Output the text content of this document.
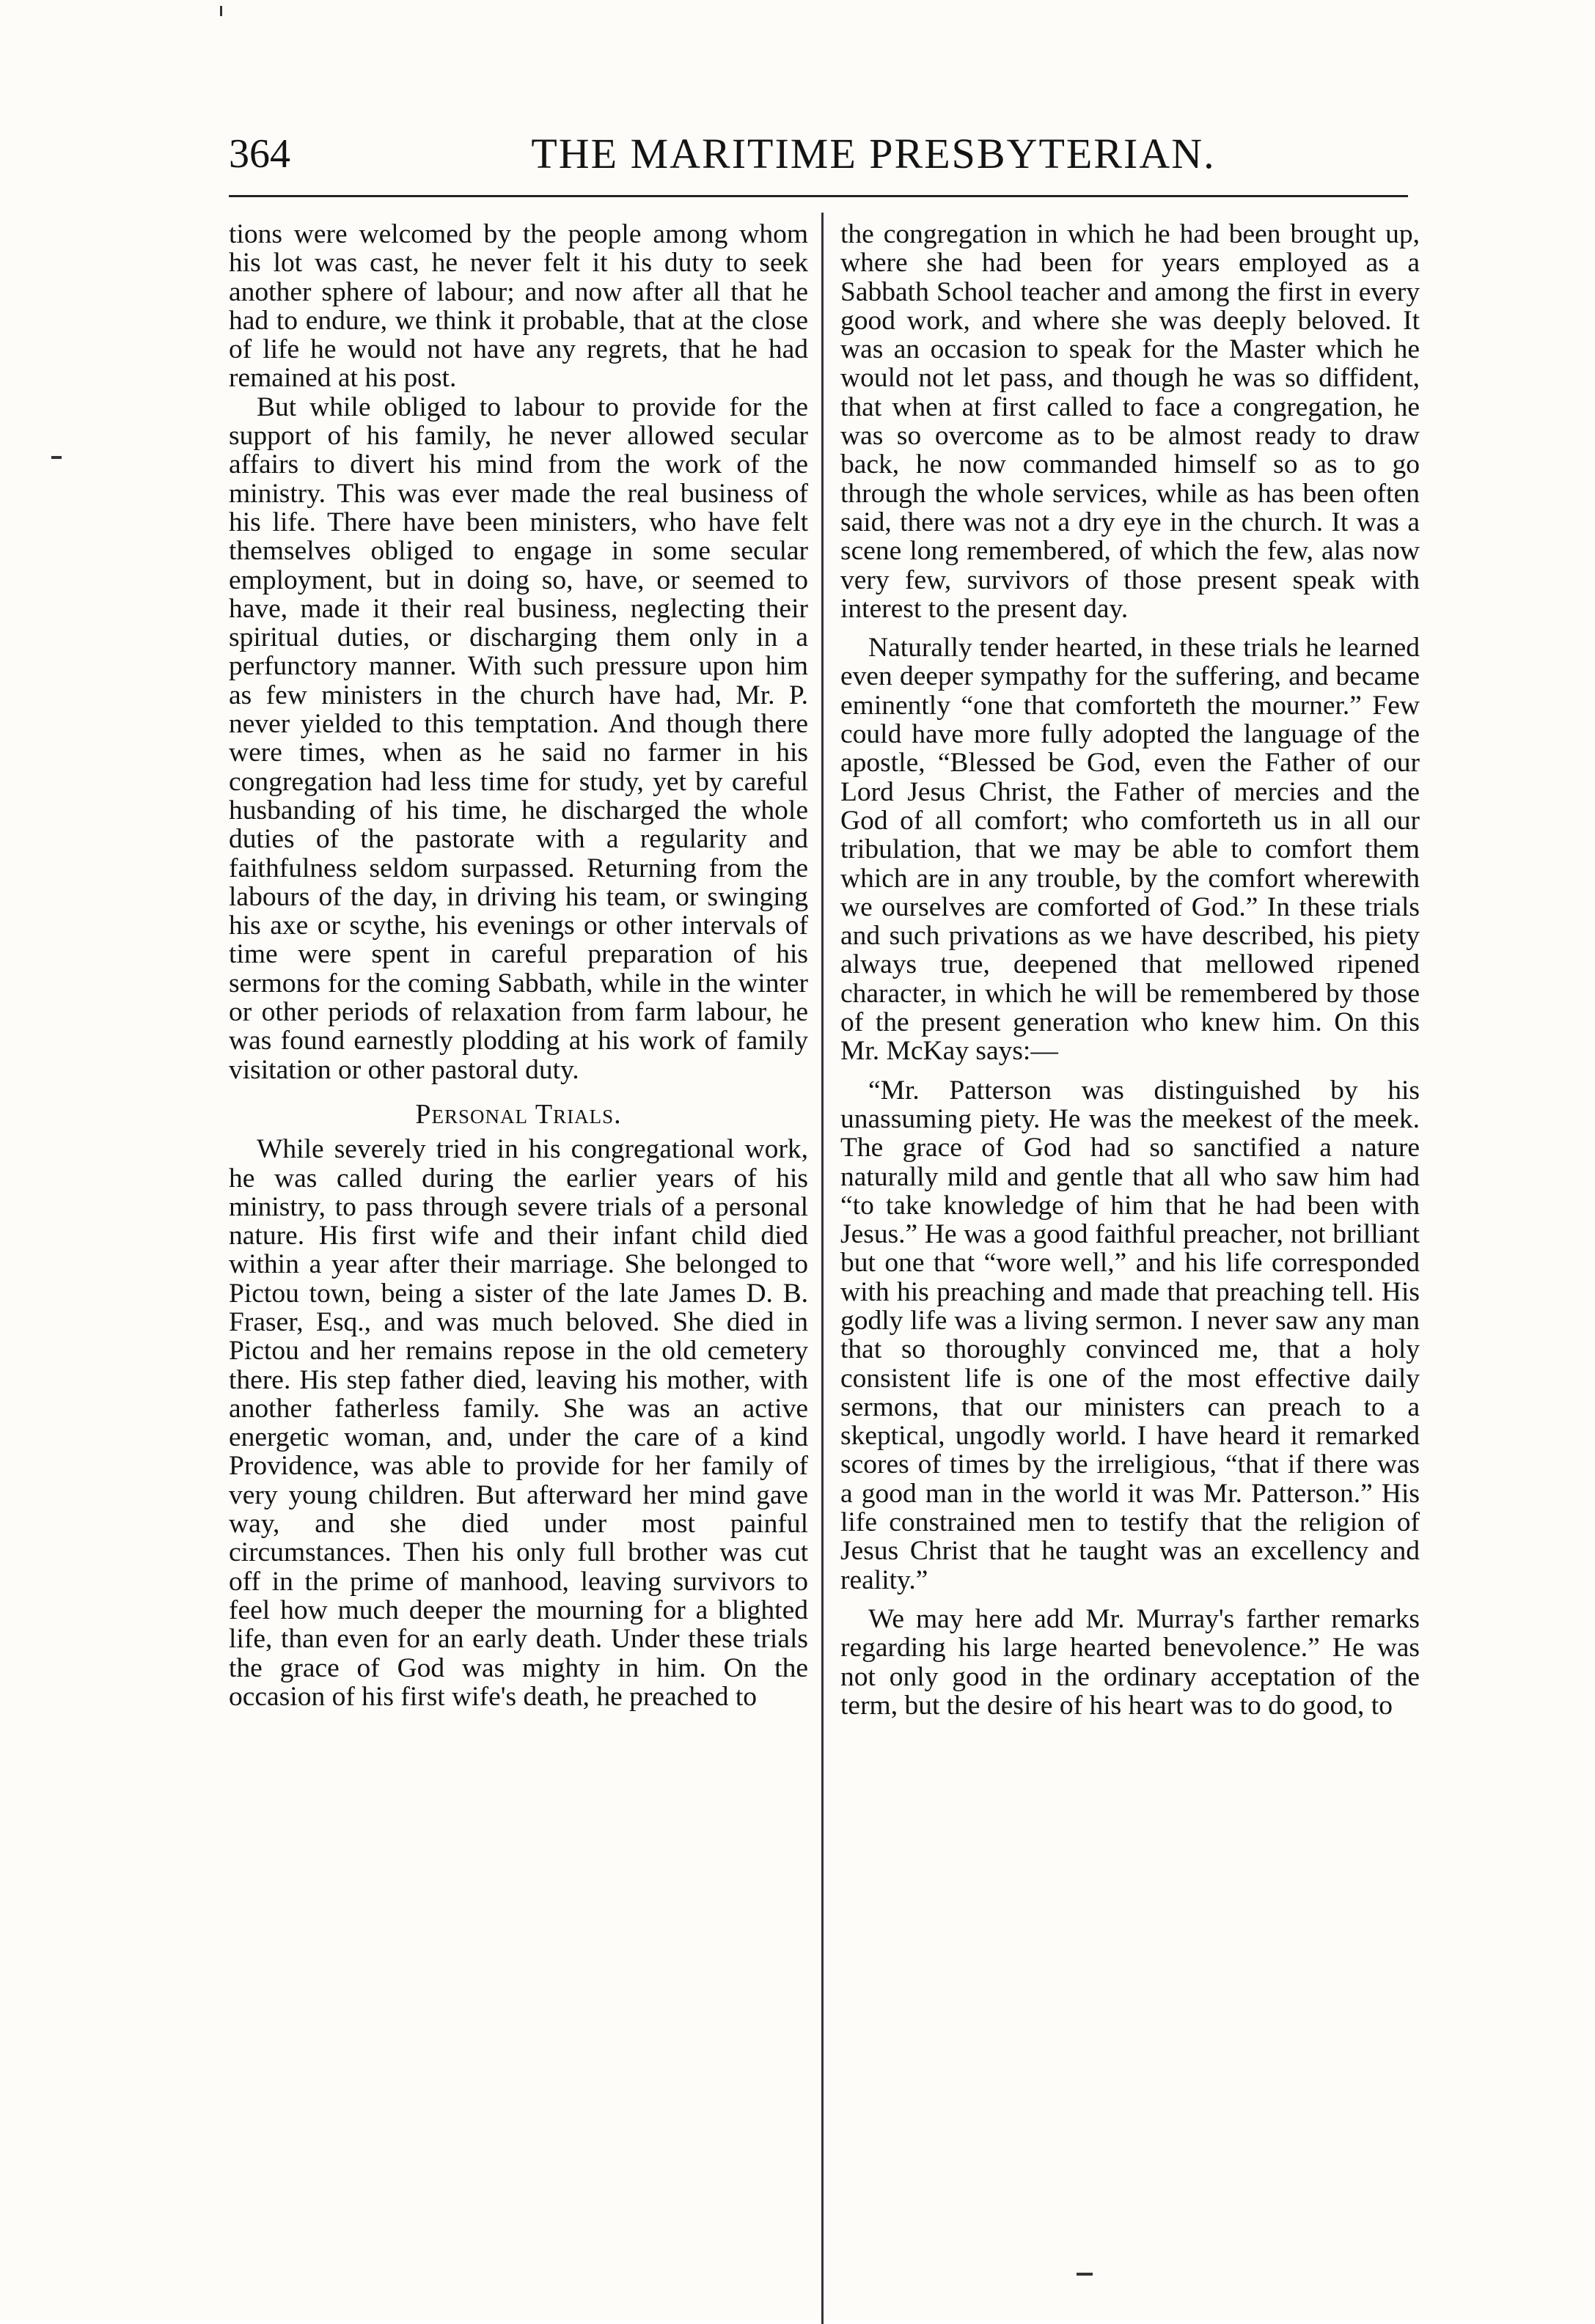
364	THE MARITIME PRESBYTERIAN.

tions were welcomed by the people among whom his lot was cast, he never felt it his duty to seek another sphere of labour; and now after all that he had to endure, we think it probable, that at the close of life he would not have any regrets, that he had remained at his post.

But while obliged to labour to provide for the support of his family, he never allowed secular affairs to divert his mind from the work of the ministry. This was ever made the real business of his life. There have been ministers, who have felt themselves obliged to engage in some secular employment, but in doing so, have, or seemed to have, made it their real business, neglecting their spiritual duties, or discharging them only in a perfunctory manner. With such pressure upon him as few ministers in the church have had, Mr. P. never yielded to this temptation. And though there were times, when as he said no farmer in his congregation had less time for study, yet by careful husbanding of his time, he discharged the whole duties of the pastorate with a regularity and faithfulness seldom surpassed. Returning from the labours of the day, in driving his team, or swinging his axe or scythe, his evenings or other intervals of time were spent in careful preparation of his sermons for the coming Sabbath, while in the winter or other periods of relaxation from farm labour, he was found earnestly plodding at his work of family visitation or other pastoral duty.

Personal Trials.

While severely tried in his congregational work, he was called during the earlier years of his ministry, to pass through severe trials of a personal nature. His first wife and their infant child died within a year after their marriage. She belonged to Pictou town, being a sister of the late James D. B. Fraser, Esq., and was much beloved. She died in Pictou and her remains repose in the old cemetery there. His step father died, leaving his mother, with another fatherless family. She was an active energetic woman, and, under the care of a kind Providence, was able to provide for her family of very young children. But afterward her mind gave way, and she died under most painful circumstances. Then his only full brother was cut off in the prime of manhood, leaving survivors to feel how much deeper the mourning for a blighted life, than even for an early death. Under these trials the grace of God was mighty in him. On the occasion of his first wife's death, he preached to

the congregation in which he had been brought up, where she had been for years employed as a Sabbath School teacher and among the first in every good work, and where she was deeply beloved. It was an occasion to speak for the Master which he would not let pass, and though he was so diffident, that when at first called to face a congregation, he was so overcome as to be almost ready to draw back, he now commanded himself so as to go through the whole services, while as has been often said, there was not a dry eye in the church. It was a scene long remembered, of which the few, alas now very few, survivors of those present speak with interest to the present day.

Naturally tender hearted, in these trials he learned even deeper sympathy for the suffering, and became eminently “one that comforteth the mourner.” Few could have more fully adopted the language of the apostle, “Blessed be God, even the Father of our Lord Jesus Christ, the Father of mercies and the God of all comfort; who comforteth us in all our tribulation, that we may be able to comfort them which are in any trouble, by the comfort wherewith we ourselves are comforted of God.” In these trials and such privations as we have described, his piety always true, deepened that mellowed ripened character, in which he will be remembered by those of the present generation who knew him. On this Mr. McKay says:—

“Mr. Patterson was distinguished by his unassuming piety. He was the meekest of the meek. The grace of God had so sanctified a nature naturally mild and gentle that all who saw him had “to take knowledge of him that he had been with Jesus.” He was a good faithful preacher, not brilliant but one that “wore well,” and his life corresponded with his preaching and made that preaching tell. His godly life was a living sermon. I never saw any man that so thoroughly convinced me, that a holy consistent life is one of the most effective daily sermons, that our ministers can preach to a skeptical, ungodly world. I have heard it remarked scores of times by the irreligious, “that if there was a good man in the world it was Mr. Patterson.” His life constrained men to testify that the religion of Jesus Christ that he taught was an excellency and reality.”

We may here add Mr. Murray's farther remarks regarding his large hearted benevolence.” He was not only good in the ordinary acceptation of the term, but the desire of his heart was to do good, to
